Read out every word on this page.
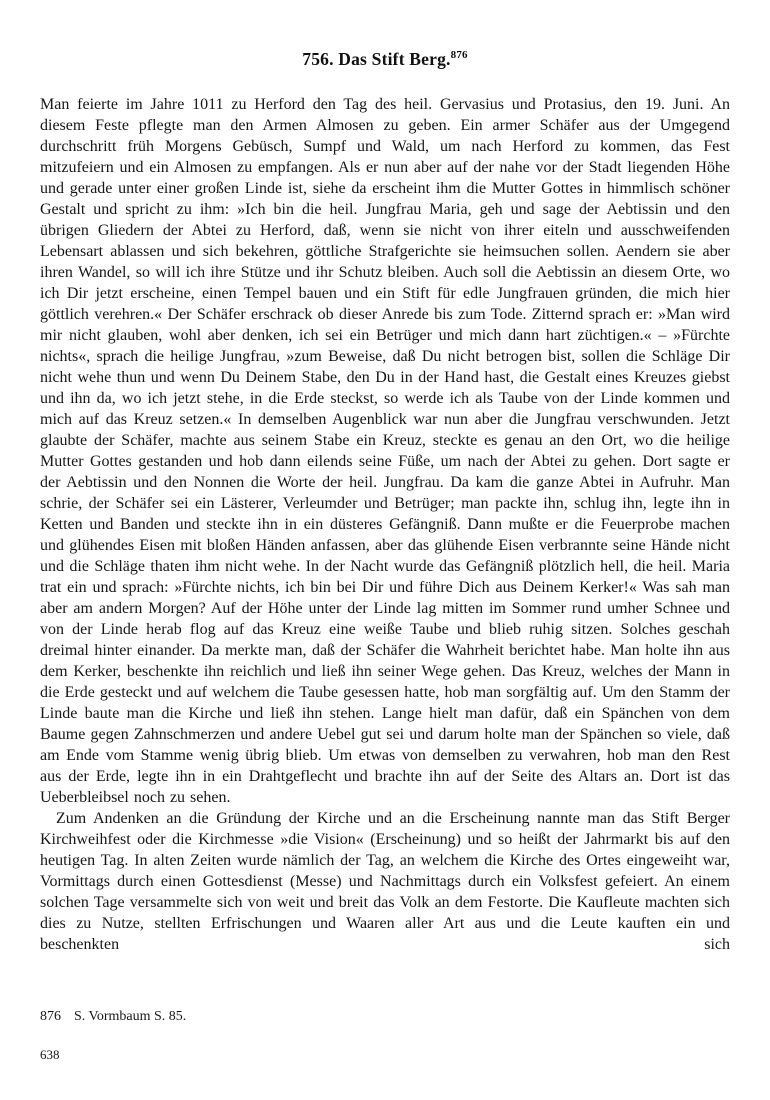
756. Das Stift Berg.$^{876}$

Man feierte im Jahre 1011 zu Herford den Tag des heil. Gervasius und Protasius, den 19. Juni. An diesem Feste pflegte man den Armen Almosen zu geben. Ein armer Schäfer aus der Umgegend durchschritt früh Morgens Gebüsch, Sumpf und Wald, um nach Herford zu kommen, das Fest mitzufeiern und ein Almosen zu empfangen. Als er nun aber auf der nahe vor der Stadt liegenden Höhe und gerade unter einer großen Linde ist, siehe da erscheint ihm die Mutter Gottes in himmlisch schöner Gestalt und spricht zu ihm: »Ich bin die heil. Jungfrau Maria, geh und sage der Aebtissin und den übrigen Gliedern der Abtei zu Herford, daß, wenn sie nicht von ihrer eiteln und ausschweifenden Lebensart ablassen und sich bekehren, göttliche Strafgerichte sie heimsuchen sollen. Aendern sie aber ihren Wandel, so will ich ihre Stütze und ihr Schutz bleiben. Auch soll die Aebtissin an diesem Orte, wo ich Dir jetzt erscheine, einen Tempel bauen und ein Stift für edle Jungfrauen gründen, die mich hier göttlich verehren.« Der Schäfer erschrack ob dieser Anrede bis zum Tode. Zitternd sprach er: »Man wird mir nicht glauben, wohl aber denken, ich sei ein Betrüger und mich dann hart züchtigen.« – »Fürchte nichts«, sprach die heilige Jungfrau, »zum Beweise, daß Du nicht betrogen bist, sollen die Schläge Dir nicht wehe thun und wenn Du Deinem Stabe, den Du in der Hand hast, die Gestalt eines Kreuzes giebst und ihn da, wo ich jetzt stehe, in die Erde steckst, so werde ich als Taube von der Linde kommen und mich auf das Kreuz setzen.« In demselben Augenblick war nun aber die Jungfrau verschwunden. Jetzt glaubte der Schäfer, machte aus seinem Stabe ein Kreuz, steckte es genau an den Ort, wo die heilige Mutter Gottes gestanden und hob dann eilends seine Füße, um nach der Abtei zu gehen. Dort sagte er der Aebtissin und den Nonnen die Worte der heil. Jungfrau. Da kam die ganze Abtei in Aufruhr. Man schrie, der Schäfer sei ein Lästerer, Verleumder und Betrüger; man packte ihn, schlug ihn, legte ihn in Ketten und Banden und steckte ihn in ein düsteres Gefängniß. Dann mußte er die Feuerprobe machen und glühendes Eisen mit bloßen Händen anfassen, aber das glühende Eisen verbrannte seine Hände nicht und die Schläge thaten ihm nicht wehe. In der Nacht wurde das Gefängniß plötzlich hell, die heil. Maria trat ein und sprach: »Fürchte nichts, ich bin bei Dir und führe Dich aus Deinem Kerker!« Was sah man aber am andern Morgen? Auf der Höhe unter der Linde lag mitten im Sommer rund umher Schnee und von der Linde herab flog auf das Kreuz eine weiße Taube und blieb ruhig sitzen. Solches geschah dreimal hinter einander. Da merkte man, daß der Schäfer die Wahrheit berichtet habe. Man holte ihn aus dem Kerker, beschenkte ihn reichlich und ließ ihn seiner Wege gehen. Das Kreuz, welches der Mann in die Erde gesteckt und auf welchem die Taube gesessen hatte, hob man sorgfältig auf. Um den Stamm der Linde baute man die Kirche und ließ ihn stehen. Lange hielt man dafür, daß ein Spänchen von dem Baume gegen Zahnschmerzen und andere Uebel gut sei und darum holte man der Spänchen so viele, daß am Ende vom Stamme wenig übrig blieb. Um etwas von demselben zu verwahren, hob man den Rest aus der Erde, legte ihn in ein Drahtgeflecht und brachte ihn auf der Seite des Altars an. Dort ist das Ueberbleibsel noch zu sehen.

Zum Andenken an die Gründung der Kirche und an die Erscheinung nannte man das Stift Berger Kirchweihfest oder die Kirchmesse »die Vision« (Erscheinung) und so heißt der Jahrmarkt bis auf den heutigen Tag. In alten Zeiten wurde nämlich der Tag, an welchem die Kirche des Ortes eingeweiht war, Vormittags durch einen Gottesdienst (Messe) und Nachmittags durch ein Volksfest gefeiert. An einem solchen Tage versammelte sich von weit und breit das Volk an dem Festorte. Die Kaufleute machten sich dies zu Nutze, stellten Erfrischungen und Waaren aller Art aus und die Leute kauften ein und beschenkten sich

876 S. Vormbaum S. 85.
638
